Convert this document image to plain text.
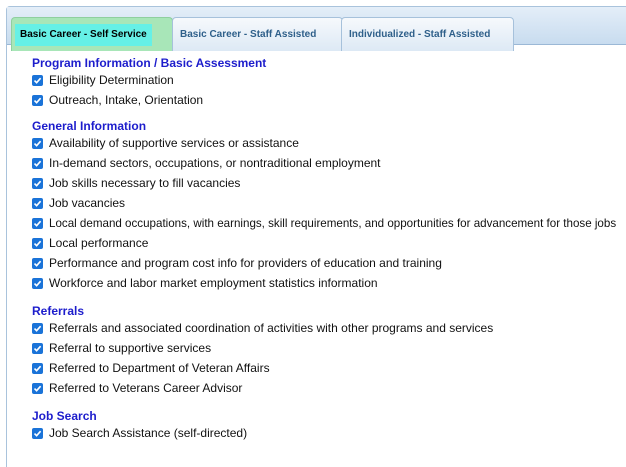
Basic Career - Self Service	Basic Career - Staff Assisted	Individualized - Staff Assisted
Program Information / Basic Assessment
Eligibility Determination
Outreach, Intake, Orientation
General Information
Availability of supportive services or assistance
In-demand sectors, occupations, or nontraditional employment
Job skills necessary to fill vacancies
Job vacancies
Local demand occupations, with earnings, skill requirements, and opportunities for advancement for those jobs
Local performance
Performance and program cost info for providers of education and training
Workforce and labor market employment statistics information
Referrals
Referrals and associated coordination of activities with other programs and services
Referral to supportive services
Referred to Department of Veteran Affairs
Referred to Veterans Career Advisor
Job Search
Job Search Assistance (self-directed)
